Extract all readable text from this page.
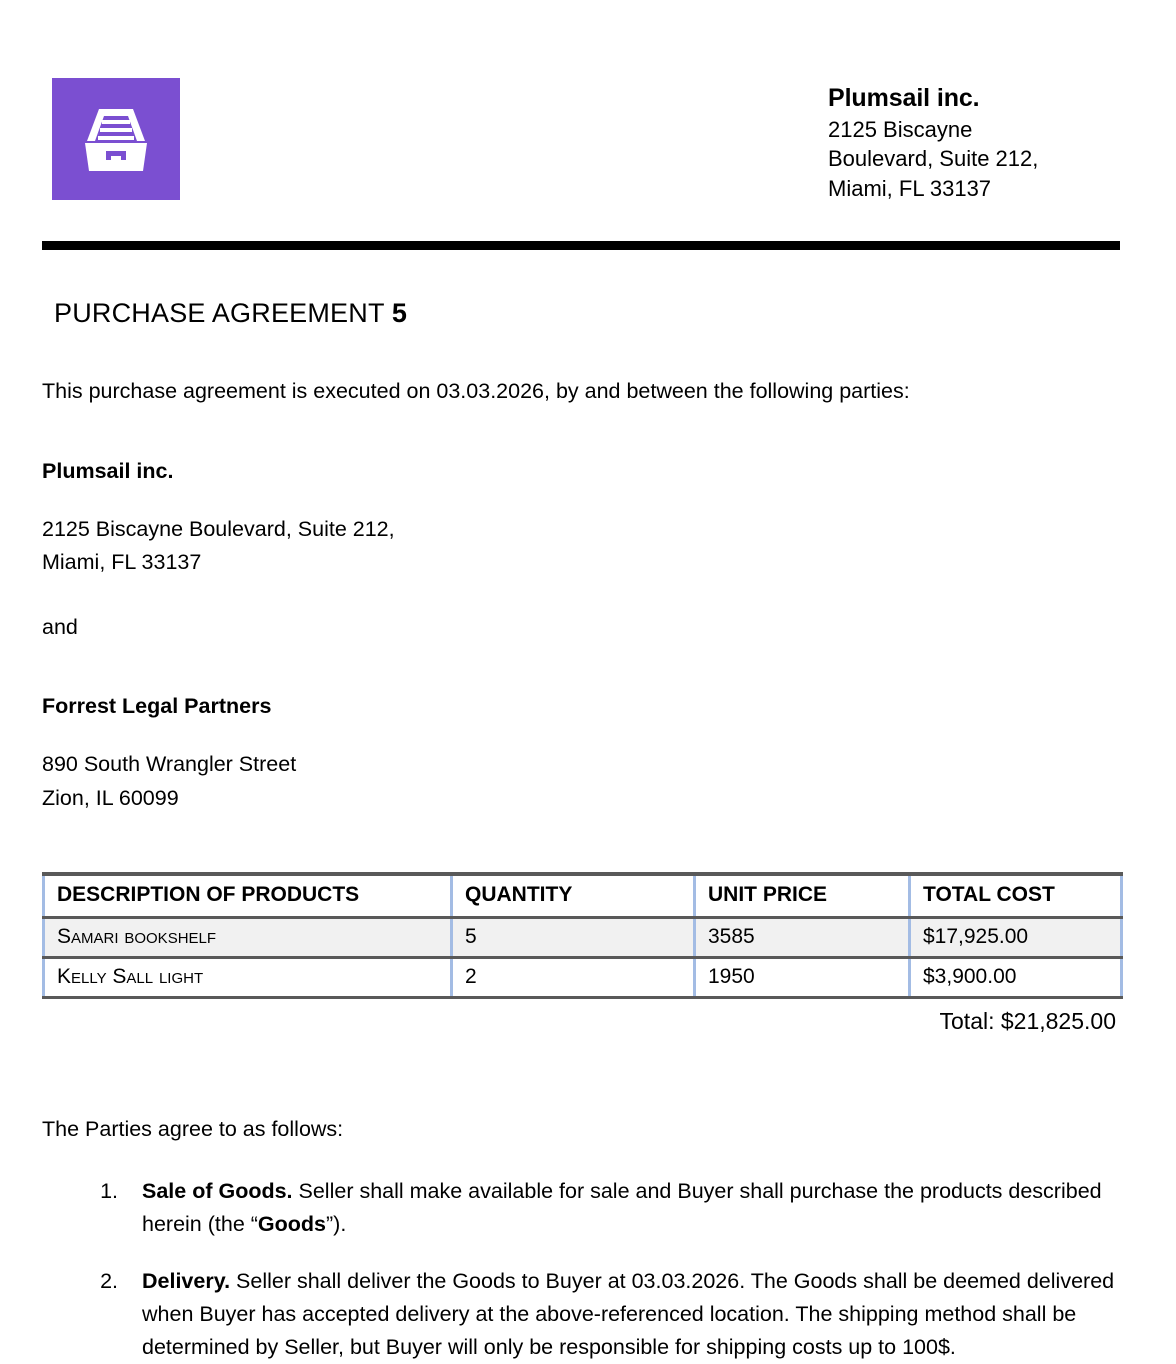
Plumsail inc.
2125 Biscayne
Boulevard, Suite 212,
Miami, FL 33137
PURCHASE AGREEMENT 5

This purchase agreement is executed on 03.03.2026, by and between the following parties:

Plumsail inc.

2125 Biscayne Boulevard, Suite 212,
Miami, FL 33137

and

Forrest Legal Partners

890 South Wrangler Street
Zion, IL 60099

DESCRIPTION OF PRODUCTS	QUANTITY	UNIT PRICE	TOTAL COST
Samari bookshelf	5	3585	$17,925.00
Kelly Sall light	2	1950	$3,900.00
Total: $21,825.00

The Parties agree to as follows:

1. Sale of Goods. Seller shall make available for sale and Buyer shall purchase the products described herein (the “Goods”).
2. Delivery. Seller shall deliver the Goods to Buyer at 03.03.2026. The Goods shall be deemed delivered when Buyer has accepted delivery at the above-referenced location. The shipping method shall be determined by Seller, but Buyer will only be responsible for shipping costs up to 100$.
